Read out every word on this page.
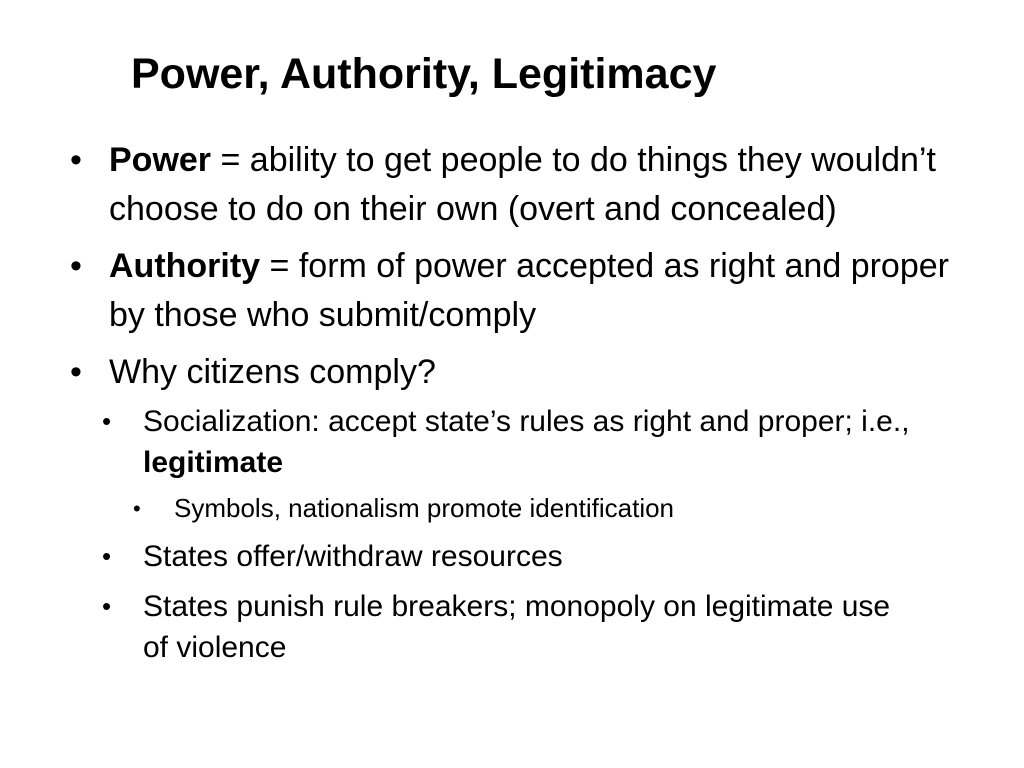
Power, Authority, Legitimacy
• Power = ability to get people to do things they wouldn’t choose to do on their own (overt and concealed)
• Authority = form of power accepted as right and proper by those who submit/comply
• Why citizens comply?
• Socialization: accept state’s rules as right and proper; i.e., legitimate
• Symbols, nationalism promote identification
• States offer/withdraw resources
• States punish rule breakers; monopoly on legitimate use of violence
